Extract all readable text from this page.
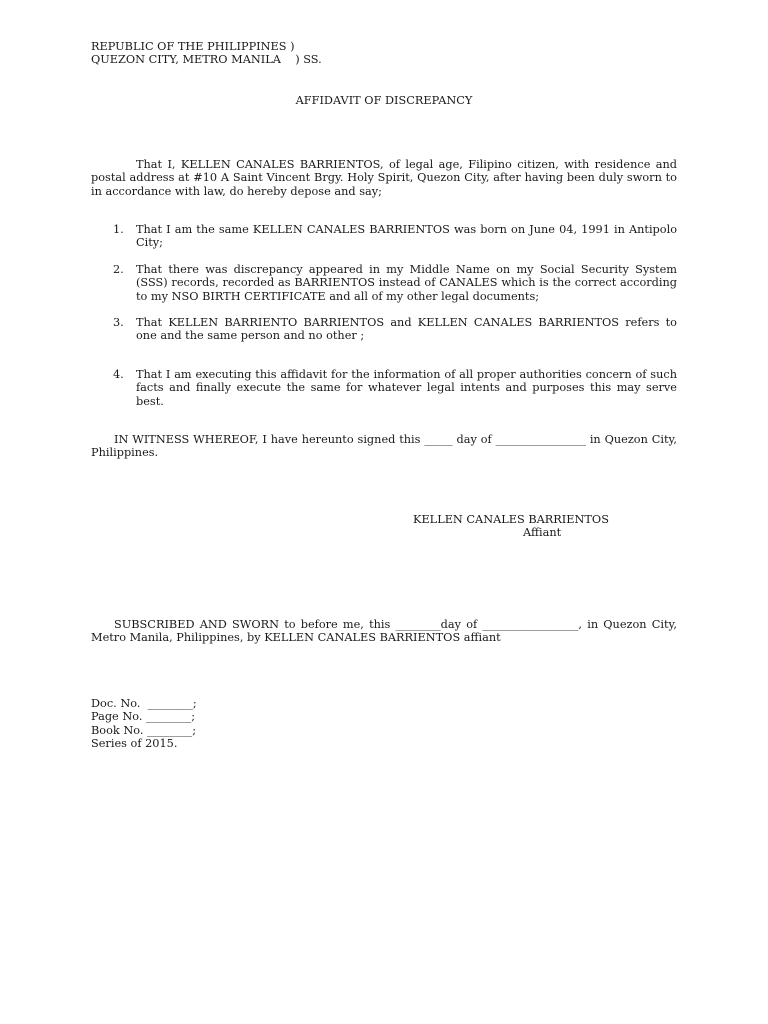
REPUBLIC OF THE PHILIPPINES )
QUEZON CITY, METRO MANILA    ) SS.
AFFIDAVIT OF DISCREPANCY
That I, KELLEN CANALES BARRIENTOS, of legal age, Filipino citizen, with residence and postal address at #10 A Saint Vincent Brgy. Holy Spirit, Quezon City, after having been duly sworn to in accordance with law, do hereby depose and say;
1.	That I am the same KELLEN CANALES BARRIENTOS was born on June 04, 1991 in Antipolo City;
2.	That there was discrepancy appeared in my Middle Name on my Social Security System (SSS) records, recorded as BARRIENTOS instead of CANALES which is the correct according to my NSO BIRTH CERTIFICATE and all of my other legal documents;
3.	That KELLEN BARRIENTO BARRIENTOS and KELLEN CANALES BARRIENTOS refers to one and the same person and no other ;
4.	That I am executing this affidavit for the information of all proper authorities concern of such facts and finally execute the same for whatever legal intents and purposes this may serve best.
IN WITNESS WHEREOF, I have hereunto signed this _____ day of ________________ in Quezon City, Philippines.
KELLEN CANALES BARRIENTOS
Affiant
SUBSCRIBED AND SWORN to before me, this ________day of _________________, in Quezon City, Metro Manila, Philippines, by KELLEN CANALES BARRIENTOS affiant
Doc. No.  ________;
Page No. ________;
Book No. ________;
Series of 2015.
